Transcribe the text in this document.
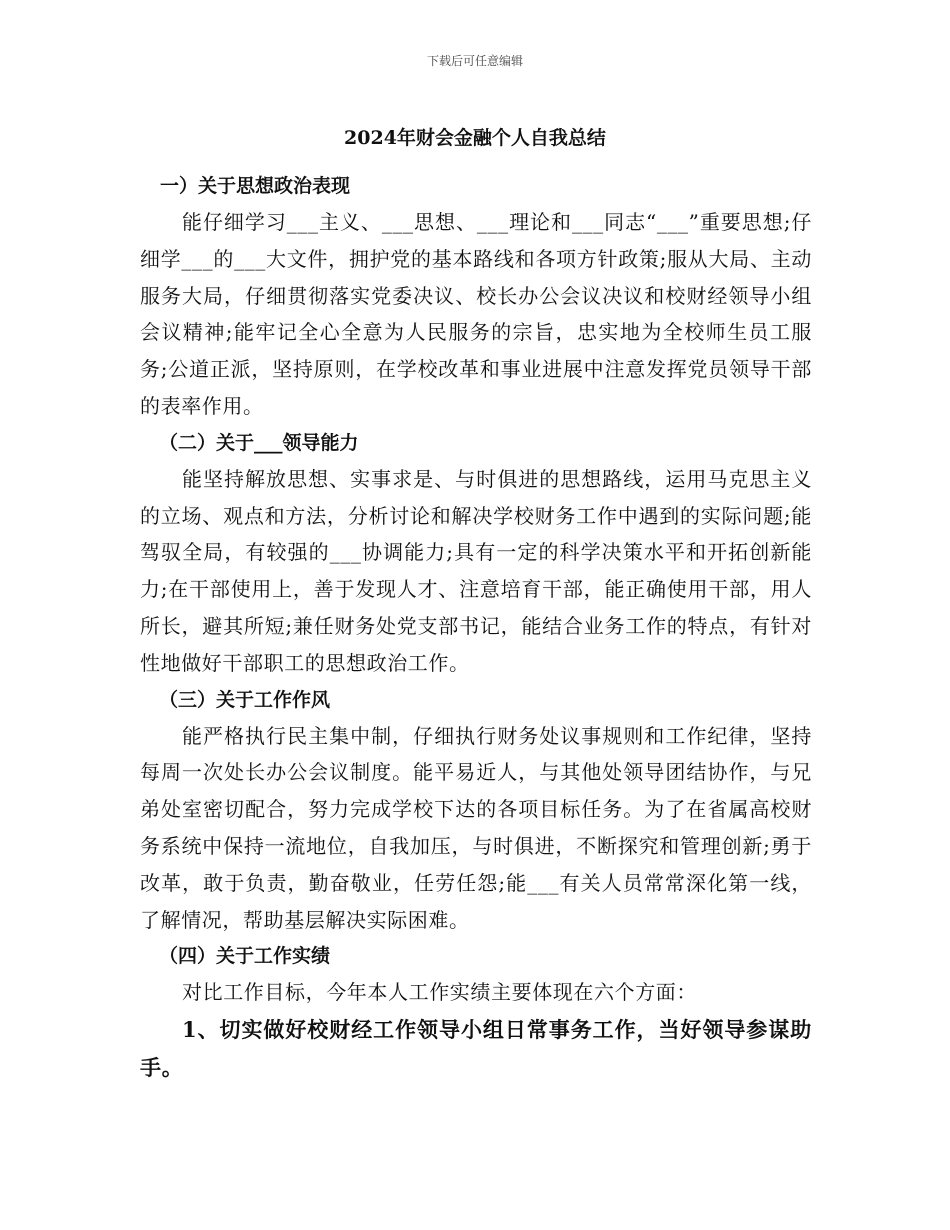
下载后可任意编辑
2024年财会金融个人自我总结

一）关于思想政治表现

能仔细学习___主义、___思想、___理论和___同志“___”重要思想;仔细学___的___大文件，拥护党的基本路线和各项方针政策;服从大局、主动服务大局，仔细贯彻落实党委决议、校长办公会议决议和校财经领导小组会议精神;能牢记全心全意为人民服务的宗旨，忠实地为全校师生员工服务;公道正派，坚持原则，在学校改革和事业进展中注意发挥党员领导干部的表率作用。

（二）关于___领导能力

能坚持解放思想、实事求是、与时俱进的思想路线，运用马克思主义的立场、观点和方法，分析讨论和解决学校财务工作中遇到的实际问题;能驾驭全局，有较强的___协调能力;具有一定的科学决策水平和开拓创新能力;在干部使用上，善于发现人才、注意培育干部，能正确使用干部，用人所长，避其所短;兼任财务处党支部书记，能结合业务工作的特点，有针对性地做好干部职工的思想政治工作。

（三）关于工作作风

能严格执行民主集中制，仔细执行财务处议事规则和工作纪律，坚持每周一次处长办公会议制度。能平易近人，与其他处领导团结协作，与兄弟处室密切配合，努力完成学校下达的各项目标任务。为了在省属高校财务系统中保持一流地位，自我加压，与时俱进，不断探究和管理创新;勇于改革，敢于负责，勤奋敬业，任劳任怨;能___有关人员常常深化第一线，了解情况，帮助基层解决实际困难。

（四）关于工作实绩

对比工作目标，今年本人工作实绩主要体现在六个方面：

1、切实做好校财经工作领导小组日常事务工作，当好领导参谋助手。
